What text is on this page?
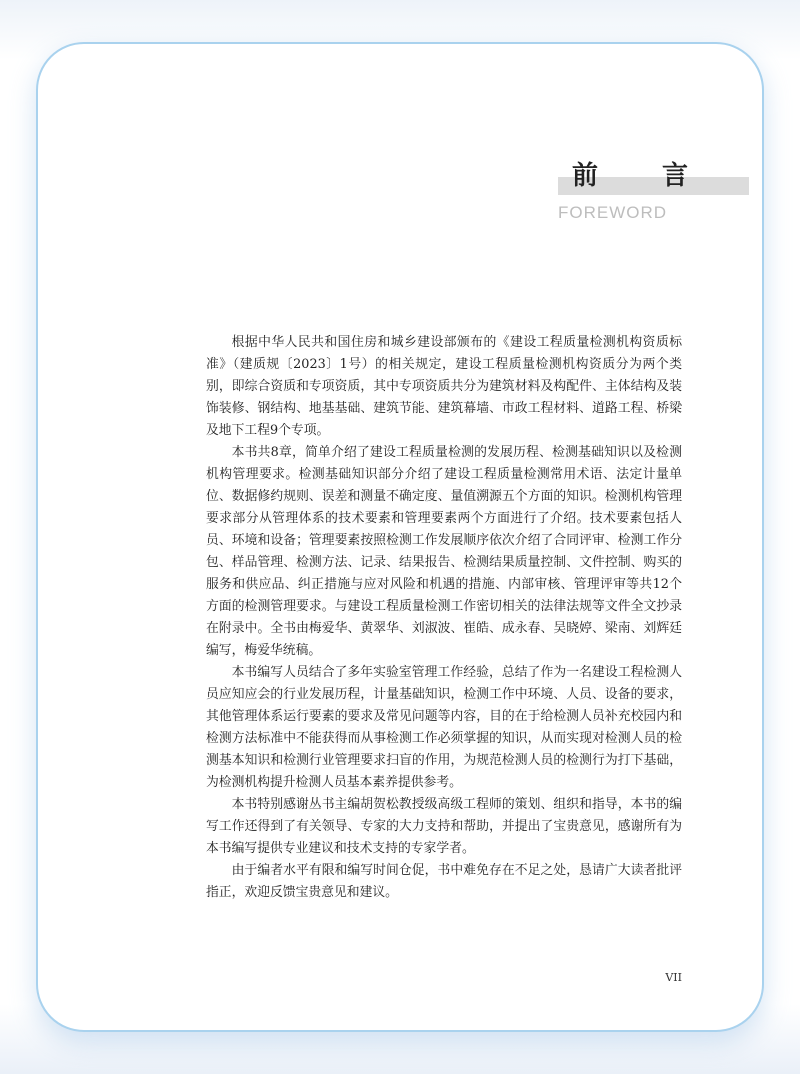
前 言
FOREWORD

根据中华人民共和国住房和城乡建设部颁布的《建设工程质量检测机构资质标准》（建质规〔2023〕1号）的相关规定，建设工程质量检测机构资质分为两个类别，即综合资质和专项资质，其中专项资质共分为建筑材料及构配件、主体结构及装饰装修、钢结构、地基基础、建筑节能、建筑幕墙、市政工程材料、道路工程、桥梁及地下工程9个专项。

本书共8章，简单介绍了建设工程质量检测的发展历程、检测基础知识以及检测机构管理要求。检测基础知识部分介绍了建设工程质量检测常用术语、法定计量单位、数据修约规则、误差和测量不确定度、量值溯源五个方面的知识。检测机构管理要求部分从管理体系的技术要素和管理要素两个方面进行了介绍。技术要素包括人员、环境和设备；管理要素按照检测工作发展顺序依次介绍了合同评审、检测工作分包、样品管理、检测方法、记录、结果报告、检测结果质量控制、文件控制、购买的服务和供应品、纠正措施与应对风险和机遇的措施、内部审核、管理评审等共12个方面的检测管理要求。与建设工程质量检测工作密切相关的法律法规等文件全文抄录在附录中。全书由梅爱华、黄翠华、刘淑波、崔皓、成永春、吴晓婷、梁南、刘辉廷编写，梅爱华统稿。

本书编写人员结合了多年实验室管理工作经验，总结了作为一名建设工程检测人员应知应会的行业发展历程，计量基础知识，检测工作中环境、人员、设备的要求，其他管理体系运行要素的要求及常见问题等内容，目的在于给检测人员补充校园内和检测方法标准中不能获得而从事检测工作必须掌握的知识，从而实现对检测人员的检测基本知识和检测行业管理要求扫盲的作用，为规范检测人员的检测行为打下基础，为检测机构提升检测人员基本素养提供参考。

本书特别感谢丛书主编胡贺松教授级高级工程师的策划、组织和指导，本书的编写工作还得到了有关领导、专家的大力支持和帮助，并提出了宝贵意见，感谢所有为本书编写提供专业建议和技术支持的专家学者。

由于编者水平有限和编写时间仓促，书中难免存在不足之处，恳请广大读者批评指正，欢迎反馈宝贵意见和建议。

VII
